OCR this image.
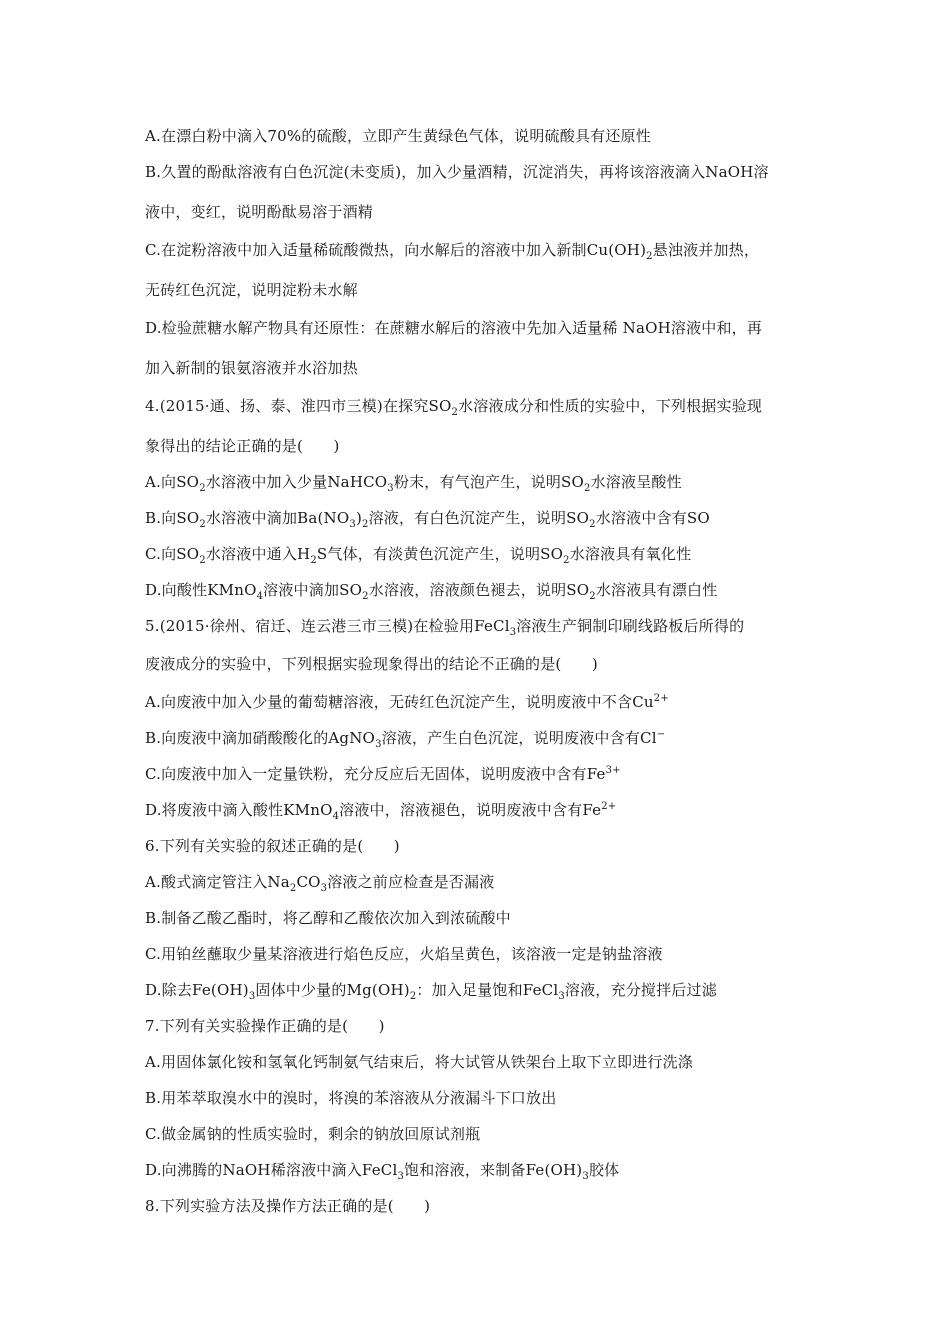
A.在漂白粉中滴入70%的硫酸，立即产生黄绿色气体，说明硫酸具有还原性
B.久置的酚酞溶液有白色沉淀(未变质)，加入少量酒精，沉淀消失，再将该溶液滴入NaOH溶
液中，变红，说明酚酞易溶于酒精
C.在淀粉溶液中加入适量稀硫酸微热，向水解后的溶液中加入新制$Cu(OH)_2$悬浊液并加热，
无砖红色沉淀，说明淀粉未水解
D.检验蔗糖水解产物具有还原性：在蔗糖水解后的溶液中先加入适量稀 NaOH溶液中和，再
加入新制的银氨溶液并水浴加热
4.(2015·通、扬、泰、淮四市三模)在探究$SO_2$水溶液成分和性质的实验中，下列根据实验现
象得出的结论正确的是(　　)
A.向$SO_2$水溶液中加入少量NaHCO$_3$粉末，有气泡产生，说明$SO_2$水溶液呈酸性
B.向$SO_2$水溶液中滴加$Ba(NO_3)_2$溶液，有白色沉淀产生，说明$SO_2$水溶液中含有SO
C.向$SO_2$水溶液中通入$H_2S$气体，有淡黄色沉淀产生，说明$SO_2$水溶液具有氧化性
D.向酸性KMnO$_4$溶液中滴加$SO_2$水溶液，溶液颜色褪去，说明$SO_2$水溶液具有漂白性
5.(2015·徐州、宿迁、连云港三市三模)在检验用FeCl$_3$溶液生产铜制印刷线路板后所得的
废液成分的实验中，下列根据实验现象得出的结论不正确的是(　　)
A.向废液中加入少量的葡萄糖溶液，无砖红色沉淀产生，说明废液中不含$Cu^{2+}$
B.向废液中滴加硝酸酸化的AgNO$_3$溶液，产生白色沉淀，说明废液中含有Cl−
C.向废液中加入一定量铁粉，充分反应后无固体，说明废液中含有$Fe^{3+}$
D.将废液中滴入酸性KMnO$_4$溶液中，溶液褪色，说明废液中含有$Fe^{2+}$
6.下列有关实验的叙述正确的是(　　)
A.酸式滴定管注入$Na_2CO_3$溶液之前应检查是否漏液
B.制备乙酸乙酯时，将乙醇和乙酸依次加入到浓硫酸中
C.用铂丝蘸取少量某溶液进行焰色反应，火焰呈黄色，该溶液一定是钠盐溶液
D.除去$Fe(OH)_3$固体中少量的$Mg(OH)_2$：加入足量饱和FeCl$_3$溶液，充分搅拌后过滤
7.下列有关实验操作正确的是(　　)
A.用固体氯化铵和氢氧化钙制氨气结束后，将大试管从铁架台上取下立即进行洗涤
B.用苯萃取溴水中的溴时，将溴的苯溶液从分液漏斗下口放出
C.做金属钠的性质实验时，剩余的钠放回原试剂瓶
D.向沸腾的NaOH稀溶液中滴入FeCl$_3$饱和溶液，来制备$Fe(OH)_3$胶体
8.下列实验方法及操作方法正确的是(　　)
